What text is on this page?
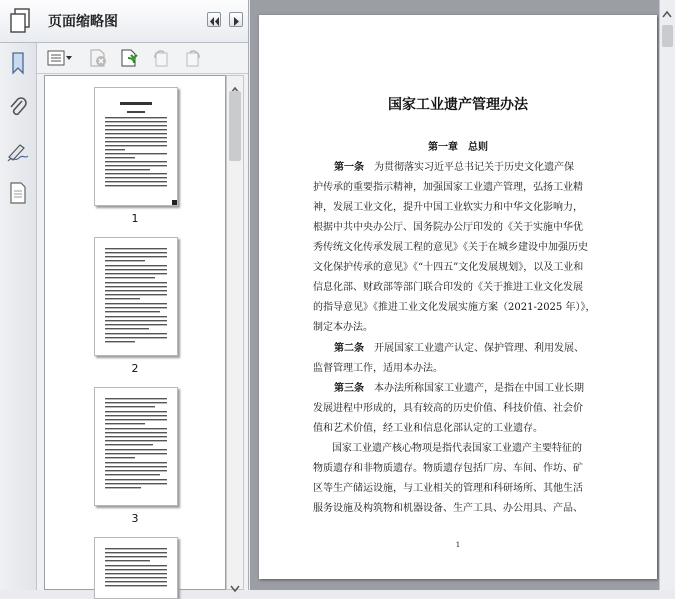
页面缩略图
1
2
3
国家工业遗产管理办法
第一章　总则
第一条　为贯彻落实习近平总书记关于历史文化遗产保
护传承的重要指示精神，加强国家工业遗产管理，弘扬工业精
神，发展工业文化，提升中国工业软实力和中华文化影响力，
根据中共中央办公厅、国务院办公厅印发的《关于实施中华优
秀传统文化传承发展工程的意见》《关于在城乡建设中加强历史
文化保护传承的意见》《“十四五”文化发展规划》，以及工业和
信息化部、财政部等部门联合印发的《关于推进工业文化发展
的指导意见》《推进工业文化发展实施方案（2021-2025 年）》，
制定本办法。
第二条　开展国家工业遗产认定、保护管理、利用发展、
监督管理工作，适用本办法。
第三条　本办法所称国家工业遗产，是指在中国工业长期
发展进程中形成的，具有较高的历史价值、科技价值、社会价
值和艺术价值，经工业和信息化部认定的工业遗存。
　　国家工业遗产核心物项是指代表国家工业遗产主要特征的
物质遗存和非物质遗存。物质遗存包括厂房、车间、作坊、矿
区等生产储运设施，与工业相关的管理和科研场所、其他生活
服务设施及构筑物和机器设备、生产工具、办公用具、产品、
1
